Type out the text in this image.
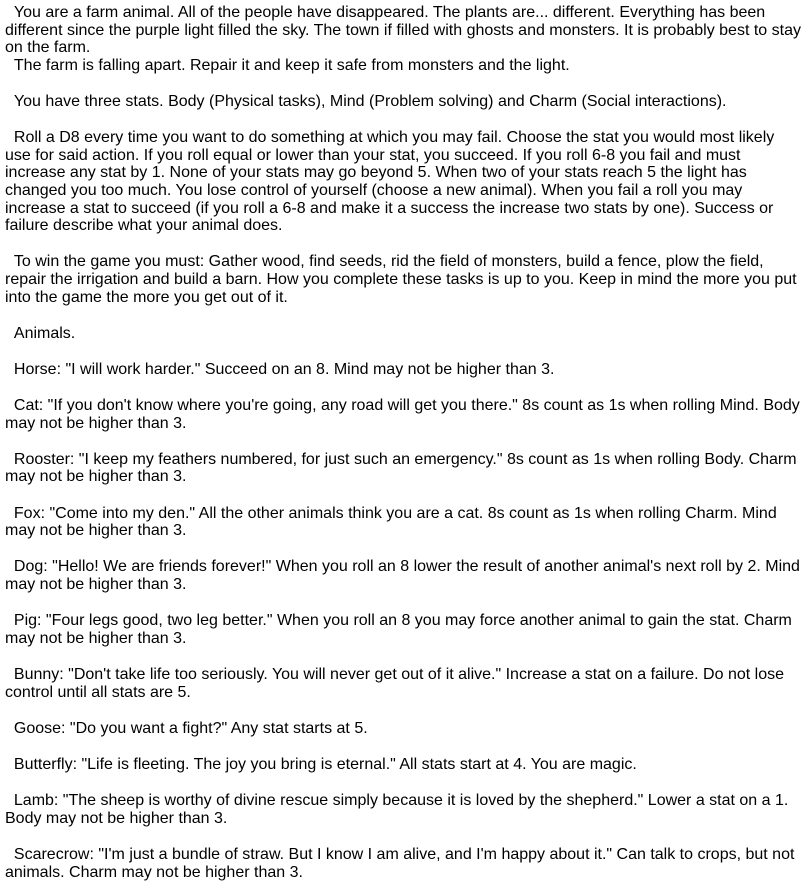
You are a farm animal. All of the people have disappeared. The plants are... different. Everything has been different since the purple light filled the sky. The town if filled with ghosts and monsters. It is probably best to stay on the farm.

The farm is falling apart. Repair it and keep it safe from monsters and the light.

You have three stats. Body (Physical tasks), Mind (Problem solving) and Charm (Social interactions).

Roll a D8 every time you want to do something at which you may fail. Choose the stat you would most likely use for said action. If you roll equal or lower than your stat, you succeed. If you roll 6-8 you fail and must increase any stat by 1. None of your stats may go beyond 5. When two of your stats reach 5 the light has changed you too much. You lose control of yourself (choose a new animal). When you fail a roll you may increase a stat to succeed (if you roll a 6-8 and make it a success the increase two stats by one). Success or failure describe what your animal does.

To win the game you must: Gather wood, find seeds, rid the field of monsters, build a fence, plow the field, repair the irrigation and build a barn. How you complete these tasks is up to you. Keep in mind the more you put into the game the more you get out of it.

Animals.

Horse: "I will work harder." Succeed on an 8. Mind may not be higher than 3.

Cat: "If you don't know where you're going, any road will get you there." 8s count as 1s when rolling Mind. Body may not be higher than 3.

Rooster: "I keep my feathers numbered, for just such an emergency." 8s count as 1s when rolling Body. Charm may not be higher than 3.

Fox: "Come into my den." All the other animals think you are a cat. 8s count as 1s when rolling Charm. Mind may not be higher than 3.

Dog: "Hello! We are friends forever!" When you roll an 8 lower the result of another animal's next roll by 2. Mind may not be higher than 3.

Pig: "Four legs good, two leg better." When you roll an 8 you may force another animal to gain the stat. Charm may not be higher than 3.

Bunny: "Don't take life too seriously. You will never get out of it alive." Increase a stat on a failure. Do not lose control until all stats are 5.

Goose: "Do you want a fight?" Any stat starts at 5.

Butterfly: "Life is fleeting. The joy you bring is eternal." All stats start at 4. You are magic.

Lamb: "The sheep is worthy of divine rescue simply because it is loved by the shepherd." Lower a stat on a 1. Body may not be higher than 3.

Scarecrow: "I'm just a bundle of straw. But I know I am alive, and I'm happy about it." Can talk to crops, but not animals. Charm may not be higher than 3.
